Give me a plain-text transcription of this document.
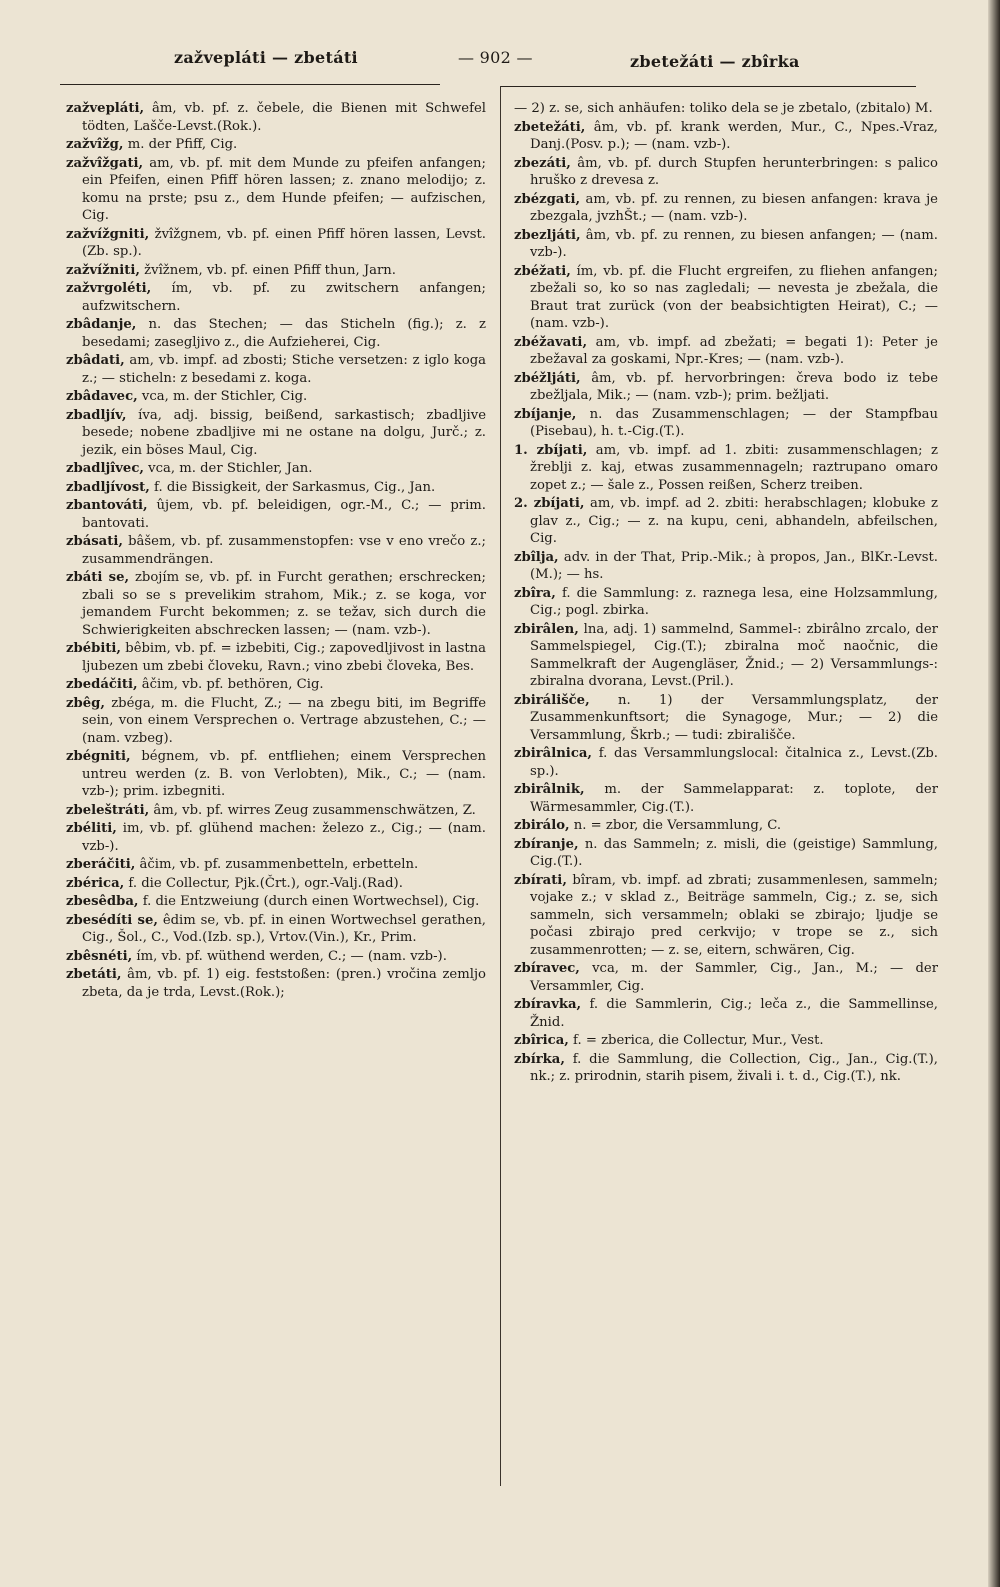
zažvepláti — zbetáti	— 902 —	zbetežáti — zbîrka

zažvepláti, âm, vb. pf. z. čebele, die Bienen mit Schwefel tödten, Lašče-Levst.(Rok.).

zažvîžg, m. der Pfiff, Cig.

zažvîžgati, am, vb. pf. mit dem Munde zu pfeifen anfangen; ein Pfeifen, einen Pfiff hören lassen; z. znano melodijo; z. komu na prste; psu z., dem Hunde pfeifen; — aufzischen, Cig.

zažvížgniti, žvîžgnem, vb. pf. einen Pfiff hören lassen, Levst.(Zb. sp.).

zažvížniti, žvîžnem, vb. pf. einen Pfiff thun, Jarn.

zažvrgoléti, ím, vb. pf. zu zwitschern anfangen; aufzwitschern.

zbâdanje, n. das Stechen; — das Sticheln (fig.); z. z besedami; zasegljivo z., die Aufzieherei, Cig.

zbâdati, am, vb. impf. ad zbosti; Stiche versetzen: z iglo koga z.; — sticheln: z besedami z. koga.

zbâdavec, vca, m. der Stichler, Cig.

zbadljív, íva, adj. bissig, beißend, sarkastisch; zbadljive besede; nobene zbadljive mi ne ostane na dolgu, Jurč.; z. jezik, ein böses Maul, Cig.

zbadljîvec, vca, m. der Stichler, Jan.

zbadljívost, f. die Bissigkeit, der Sarkasmus, Cig., Jan.

zbantováti, ûjem, vb. pf. beleidigen, ogr.-M., C.; — prim. bantovati.

zbásati, bâšem, vb. pf. zusammenstopfen: vse v eno vrečo z.; zusammendrängen.

zbáti se, zbojím se, vb. pf. in Furcht gerathen; erschrecken; zbali so se s prevelikim strahom, Mik.; z. se koga, vor jemandem Furcht bekommen; z. se težav, sich durch die Schwierigkeiten abschrecken lassen; — (nam. vzb-).

zbébiti, bêbim, vb. pf. = izbebiti, Cig.; zapovedljivost in lastna ljubezen um zbebi človeku, Ravn.; vino zbebi človeka, Bes.

zbedáčiti, âčim, vb. pf. bethören, Cig.

zbêg, zbéga, m. die Flucht, Z.; — na zbegu biti, im Begriffe sein, von einem Versprechen o. Vertrage abzustehen, C.; — (nam. vzbeg).

zbégniti, bégnem, vb. pf. entfliehen; einem Versprechen untreu werden (z. B. von Verlobten), Mik., C.; — (nam. vzb-); prim. izbegniti.

zbeleštráti, âm, vb. pf. wirres Zeug zusammenschwätzen, Z.

zbéliti, im, vb. pf. glühend machen: železo z., Cig.; — (nam. vzb-).

zberáčiti, âčim, vb. pf. zusammenbetteln, erbetteln.

zbérica, f. die Collectur, Pjk.(Črt.), ogr.-Valj.(Rad).

zbesêdba, f. die Entzweiung (durch einen Wortwechsel), Cig.

zbesédíti se, êdim se, vb. pf. in einen Wortwechsel gerathen, Cig., Šol., C., Vod.(Izb. sp.), Vrtov.(Vin.), Kr., Prim.

zbêsnéti, ím, vb. pf. wüthend werden, C.; — (nam. vzb-).

zbetáti, âm, vb. pf. 1) eig. feststoßen: (pren.) vročina zemljo zbeta, da je trda, Levst.(Rok.);

— 2) z. se, sich anhäufen: toliko dela se je zbetalo, (zbitalo) M.

zbetežáti, âm, vb. pf. krank werden, Mur., C., Npes.-Vraz, Danj.(Posv. p.); — (nam. vzb-).

zbezáti, âm, vb. pf. durch Stupfen herunterbringen: s palico hruško z drevesa z.

zbézgati, am, vb. pf. zu rennen, zu biesen anfangen: krava je zbezgala, jvzhŠt.; — (nam. vzb-).

zbezljáti, âm, vb. pf. zu rennen, zu biesen anfangen; — (nam. vzb-).

zbéžati, ím, vb. pf. die Flucht ergreifen, zu fliehen anfangen; zbežali so, ko so nas zagledali; — nevesta je zbežala, die Braut trat zurück (von der beabsichtigten Heirat), C.; — (nam. vzb-).

zbéžavati, am, vb. impf. ad zbežati; = begati 1): Peter je zbežaval za goskami, Npr.-Kres; — (nam. vzb-).

zbéžljáti, âm, vb. pf. hervorbringen: čreva bodo iz tebe zbežljala, Mik.; — (nam. vzb-); prim. bežljati.

zbíjanje, n. das Zusammenschlagen; — der Stampfbau (Pisebau), h. t.-Cig.(T.).

1. zbíjati, am, vb. impf. ad 1. zbiti: zusammenschlagen; z žreblji z. kaj, etwas zusammennageln; raztrupano omaro zopet z.; — šale z., Possen reißen, Scherz treiben.

2. zbíjati, am, vb. impf. ad 2. zbiti: herabschlagen; klobuke z glav z., Cig.; — z. na kupu, ceni, abhandeln, abfeilschen, Cig.

zbîlja, adv. in der That, Prip.-Mik.; à propos, Jan., BlKr.-Levst.(M.); — hs.

zbîra, f. die Sammlung: z. raznega lesa, eine Holzsammlung, Cig.; pogl. zbirka.

zbirâlen, lna, adj. 1) sammelnd, Sammel-: zbirâlno zrcalo, der Sammelspiegel, Cig.(T.); zbiralna moč naočnic, die Sammelkraft der Augengläser, Žnid.; — 2) Versammlungs-: zbiralna dvorana, Levst.(Pril.).

zbirálišče, n. 1) der Versammlungsplatz, der Zusammenkunftsort; die Synagoge, Mur.; — 2) die Versammlung, Škrb.; — tudi: zbirališče.

zbirâlnica, f. das Versammlungslocal: čitalnica z., Levst.(Zb. sp.).

zbirâlnik, m. der Sammelapparat: z. toplote, der Wärmesammler, Cig.(T.).

zbirálo, n. = zbor, die Versammlung, C.

zbíranje, n. das Sammeln; z. misli, die (geistige) Sammlung, Cig.(T.).

zbírati, bîram, vb. impf. ad zbrati; zusammenlesen, sammeln; vojake z.; v sklad z., Beiträge sammeln, Cig.; z. se, sich sammeln, sich versammeln; oblaki se zbirajo; ljudje se počasi zbirajo pred cerkvijo; v trope se z., sich zusammenrotten; — z. se, eitern, schwären, Cig.

zbíravec, vca, m. der Sammler, Cig., Jan., M.; — der Versammler, Cig.

zbíravka, f. die Sammlerin, Cig.; leča z., die Sammellinse, Žnid.

zbîrica, f. = zberica, die Collectur, Mur., Vest.

zbírka, f. die Sammlung, die Collection, Cig., Jan., Cig.(T.), nk.; z. prirodnin, starih pisem, živali i. t. d., Cig.(T.), nk.
